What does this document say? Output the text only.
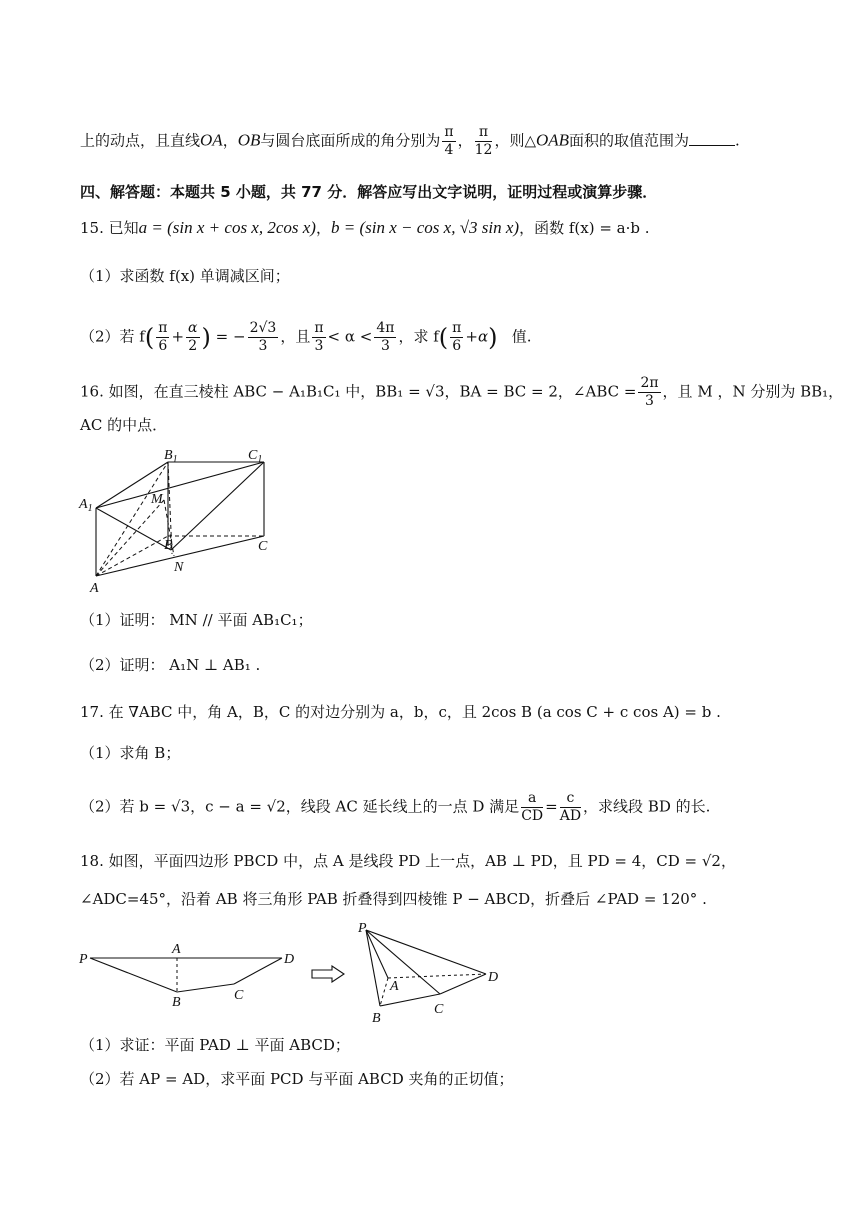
上的动点，且直线OA，OB与圆台底面所成的角分别为 $\frac{\pi}{4}$ ， $\frac{\pi}{12}$ ，则△OAB面积的取值范围为	.
四、解答题：本题共 5 小题，共 77 分．解答应写出文字说明，证明过程或演算步骤．
15. 已知a = (sin x + cos x, 2cos x)，b = (sin x − cos x, √3 sin x)，函数 f(x) = a·b .
（1）求函数 f(x) 单调减区间；
（2）若 $f( \frac{\pi}{6} + \frac{\alpha}{2}$ ) = − $\frac{2√3}{3}$ ，且 $\frac{\pi}{3} < \alpha < \frac{4\pi}{3}$ ，求 $f( \frac{\pi}{6} +\alpha)$ 值.
16. 如图，在直三棱柱 ABC − A₁B₁C₁ 中，BB₁ = √3，BA = BC = 2，∠ABC = $\frac{2\pi}{3}$ ，且 M ，N 分别为 BB₁，
AC 的中点．
$B_1$	$C_1$
$A_1$
M
B	C
N
A
（1）证明： MN // 平面 AB₁C₁；
（2）证明： A₁N ⊥ AB₁ .
17. 在 ∇ABC 中，角 A，B，C 的对边分别为 a，b，c，且 2cos B (a cos C + c cos A) = b .
（1）求角 B；
（2）若 b = √3，c − a = √2，线段 AC 延长线上的一点 D 满足 $\frac{a}{CD} = \frac{c}{AD}$ ，求线段 BD 的长.
18. 如图，平面四边形 PBCD 中，点 A 是线段 PD 上一点，AB ⊥ PD，且 PD = 4，CD = √2，
∠ADC=45°，沿着 AB 将三角形 PAB 折叠得到四棱锥 P − ABCD，折叠后 ∠PAD = 120° .
P
A
D
B	C
P
A
D
B
C
（1）求证：平面 PAD ⊥ 平面 ABCD；
（2）若 AP = AD，求平面 PCD 与平面 ABCD 夹角的正切值；
